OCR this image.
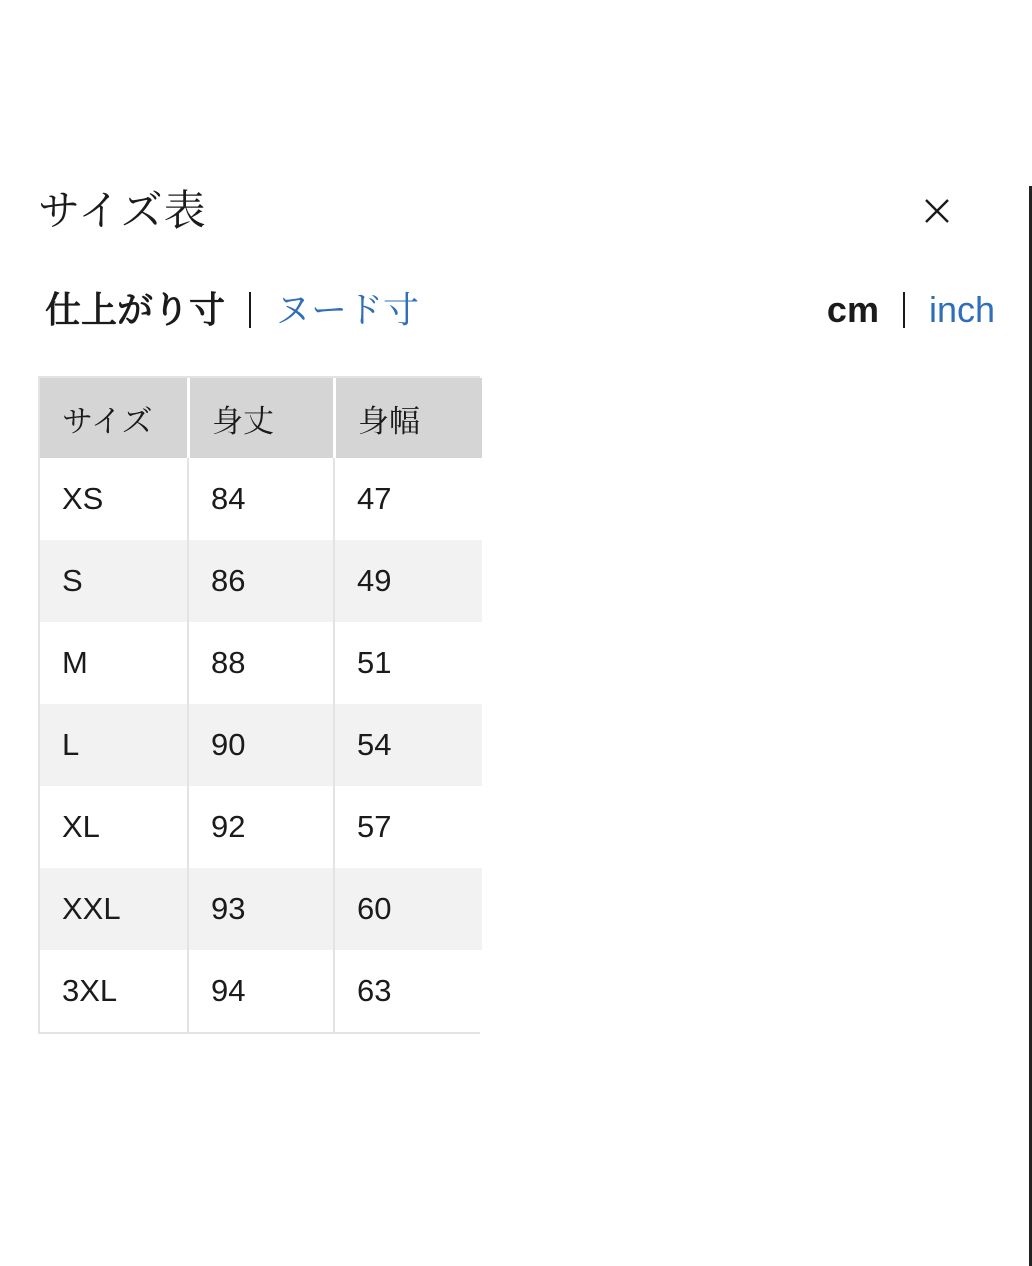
サイズ表
仕上がり寸 ヌード寸	cm inch
サイズ	身丈	身幅
XS	84	47
S	86	49
M	88	51
L	90	54
XL	92	57
XXL	93	60
3XL	94	63
